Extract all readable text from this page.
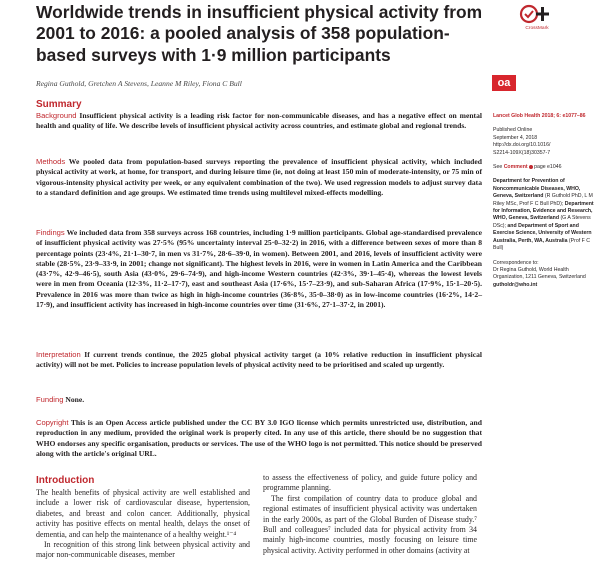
Worldwide trends in insufficient physical activity from 2001 to 2016: a pooled analysis of 358 population-based surveys with 1·9 million participants
CrossMark
Regina Guthold, Gretchen A Stevens, Leanne M Riley, Fiona C Bull	oa
Summary
Background Insufficient physical activity is a leading risk factor for non-communicable diseases, and has a negative effect on mental health and quality of life. We describe levels of insufficient physical activity across countries, and estimate global and regional trends.
Methods We pooled data from population-based surveys reporting the prevalence of insufficient physical activity, which included physical activity at work, at home, for transport, and during leisure time (ie, not doing at least 150 min of moderate-intensity, or 75 min of vigorous-intensity physical activity per week, or any equivalent combination of the two). We used regression models to adjust survey data to a standard definition and age groups. We estimated time trends using multilevel mixed-effects modelling.
Findings We included data from 358 surveys across 168 countries, including 1·9 million participants. Global age-standardised prevalence of insufficient physical activity was 27·5% (95% uncertainty interval 25·0–32·2) in 2016, with a difference between sexes of more than 8 percentage points (23·4%, 21·1–30·7, in men vs 31·7%, 28·6–39·0, in women). Between 2001, and 2016, levels of insufficient activity were stable (28·5%, 23·9–33·9, in 2001; change not significant). The highest levels in 2016, were in women in Latin America and the Caribbean (43·7%, 42·9–46·5), south Asia (43·0%, 29·6–74·9), and high-income Western countries (42·3%, 39·1–45·4), whereas the lowest levels were in men from Oceania (12·3%, 11·2–17·7), east and southeast Asia (17·6%, 15·7–23·9), and sub-Saharan Africa (17·9%, 15·1–20·5). Prevalence in 2016 was more than twice as high in high-income countries (36·8%, 35·0–38·0) as in low-income countries (16·2%, 14·2–17·9), and insufficient activity has increased in high-income countries over time (31·6%, 27·1–37·2, in 2001).
Interpretation If current trends continue, the 2025 global physical activity target (a 10% relative reduction in insufficient physical activity) will not be met. Policies to increase population levels of physical activity need to be prioritised and scaled up urgently.
Funding None.
Copyright This is an Open Access article published under the CC BY 3.0 IGO license which permits unrestricted use, distribution, and reproduction in any medium, provided the original work is properly cited. In any use of this article, there should be no suggestion that WHO endorses any specific organisation, products or services. The use of the WHO logo is not permitted. This notice should be preserved along with the article's original URL.
Lancet Glob Health 2018; 6: e1077–86
Published Online
September 4, 2018
http://dx.doi.org/10.1016/
S2214-109X(18)30357-7
See Comment page e1046
Department for Prevention of Noncommunicable Diseases, WHO, Geneva, Switzerland (R Guthold PhD, L M Riley MSc, Prof F C Bull PhD); Department for Information, Evidence and Research, WHO, Geneva, Switzerland (G A Stevens DSc); and Department of Sport and Exercise Science, University of Western Australia, Perth, WA, Australia (Prof F C Bull)
Correspondence to:
Dr Regina Guthold, World Health Organization, 1211 Geneva, Switzerland
gutholdr@who.int
Introduction

The health benefits of physical activity are well established and include a lower risk of cardiovascular disease, hypertension, diabetes, and breast and colon cancer. Additionally, physical activity has positive effects on mental health, delays the onset of dementia, and can help the maintenance of a healthy weight.¹⁻⁴

In recognition of this strong link between physical activity and major non-communicable diseases, member

to assess the effectiveness of policy, and guide future policy and programme planning.

The first compilation of country data to produce global and regional estimates of insufficient physical activity was undertaken in the early 2000s, as part of the Global Burden of Disease study.⁷ Bull and colleagues⁷ included data for physical activity from 34 mainly high-income countries, mostly focusing on leisure time physical activity. Activity performed in other domains (activity at
